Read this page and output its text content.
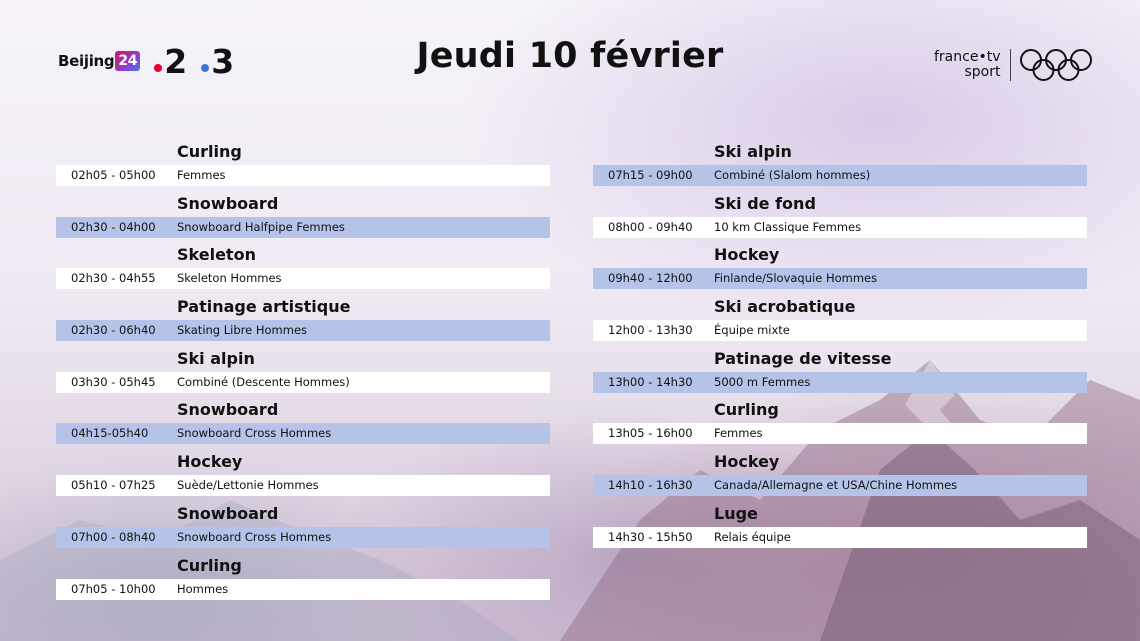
Beijing 24 2 3	Jeudi 10 février	france•tv
sport
Curling
02h05 - 05h00	Femmes
Snowboard
02h30 - 04h00	Snowboard Halfpipe Femmes
Skeleton
02h30 - 04h55	Skeleton Hommes
Patinage artistique
02h30 - 06h40	Skating Libre Hommes
Ski alpin
03h30 - 05h45	Combiné (Descente Hommes)
Snowboard
04h15-05h40	Snowboard Cross Hommes
Hockey
05h10 - 07h25	Suède/Lettonie Hommes
Snowboard
07h00 - 08h40	Snowboard Cross Hommes
Curling
07h05 - 10h00	Hommes
Ski alpin
07h15 - 09h00	Combiné (Slalom hommes)
Ski de fond
08h00 - 09h40	10 km Classique Femmes
Hockey
09h40 - 12h00	Finlande/Slovaquie Hommes
Ski acrobatique
12h00 - 13h30	Équipe mixte
Patinage de vitesse
13h00 - 14h30	5000 m Femmes
Curling
13h05 - 16h00	Femmes
Hockey
14h10 - 16h30	Canada/Allemagne et USA/Chine Hommes
Luge
14h30 - 15h50	Relais équipe
